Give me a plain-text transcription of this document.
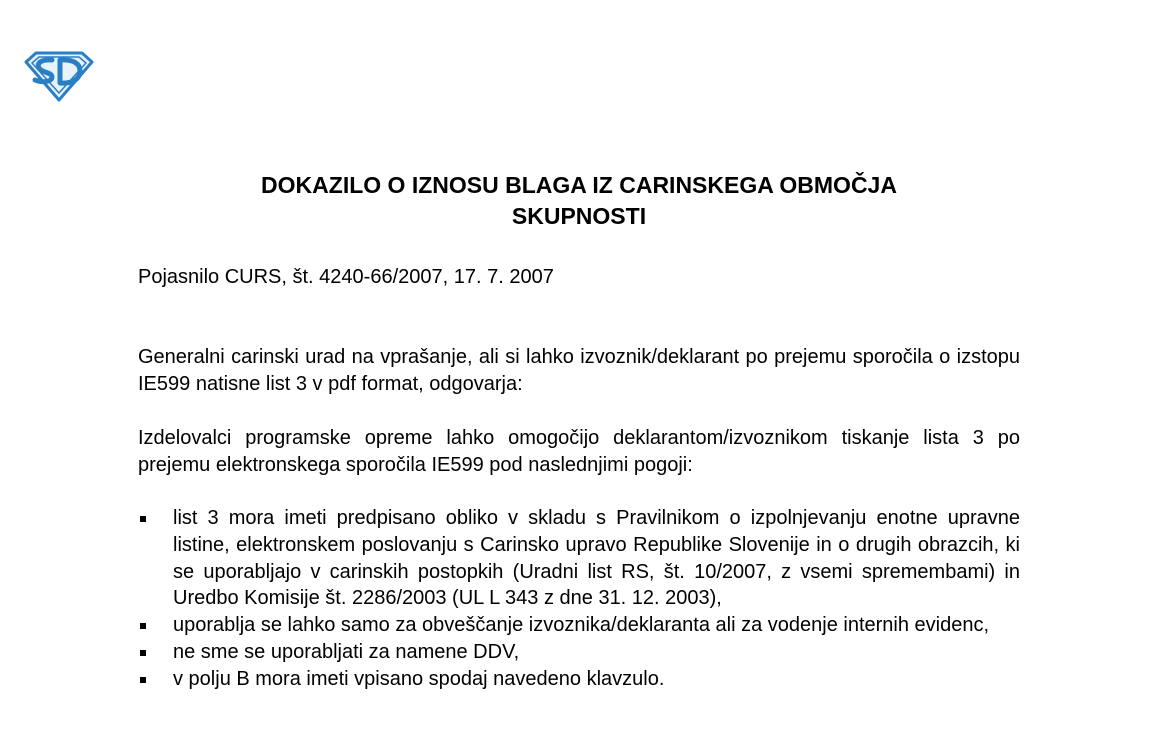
DOKAZILO O IZNOSU BLAGA IZ CARINSKEGA OBMOČJA
SKUPNOSTI

Pojasnilo CURS, št. 4240-66/2007, 17. 7. 2007

Generalni carinski urad na vprašanje, ali si lahko izvoznik/deklarant po prejemu sporočila o izstopu IE599 natisne list 3 v pdf format, odgovarja:

Izdelovalci programske opreme lahko omogočijo deklarantom/izvoznikom tiskanje lista 3 po prejemu elektronskega sporočila IE599 pod naslednjimi pogoji:

list 3 mora imeti predpisano obliko v skladu s Pravilnikom o izpolnjevanju enotne upravne listine, elektronskem poslovanju s Carinsko upravo Republike Slovenije in o drugih obrazcih, ki se uporabljajo v carinskih postopkih (Uradni list RS, št. 10/2007, z vsemi spremembami) in Uredbo Komisije št. 2286/2003 (UL L 343 z dne 31. 12. 2003),
uporablja se lahko samo za obveščanje izvoznika/deklaranta ali za vodenje internih evidenc,
ne sme se uporabljati za namene DDV,
v polju B mora imeti vpisano spodaj navedeno klavzulo.
